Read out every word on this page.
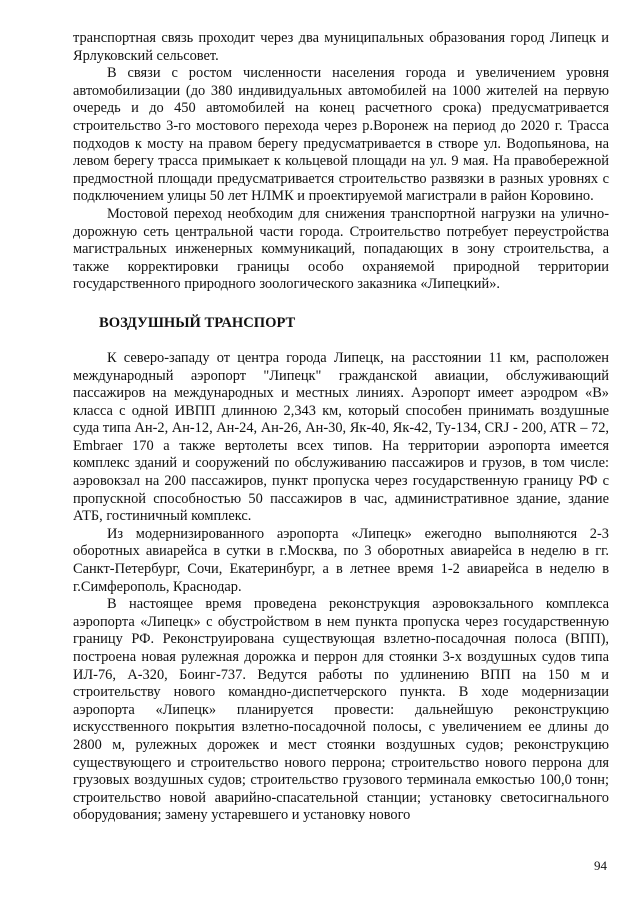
транспортная связь проходит через два муниципальных образования город Липецк и Ярлуковский сельсовет.

В связи с ростом численности населения города и увеличением уровня автомобилизации (до 380 индивидуальных автомобилей на 1000 жителей на первую очередь и до 450 автомобилей на конец расчетного срока) предусматривается строительство 3-го мостового перехода через р.Воронеж на период до 2020 г. Трасса подходов к мосту на правом берегу предусматривается в створе ул. Водопьянова, на левом берегу трасса примыкает к кольцевой площади на ул. 9 мая. На правобережной предмостной площади предусматривается строительство развязки в разных уровнях с подключением улицы 50 лет НЛМК и проектируемой магистрали в район Коровино.

Мостовой переход необходим для снижения транспортной нагрузки на улично-дорожную сеть центральной части города. Строительство потребует переустройства магистральных инженерных коммуникаций, попадающих в зону строительства, а также корректировки границы особо охраняемой природной территории государственного природного зоологического заказника «Липецкий».

ВОЗДУШНЫЙ ТРАНСПОРТ

К северо-западу от центра города Липецк, на расстоянии 11 км, расположен международный аэропорт "Липецк" гражданской авиации, обслуживающий пассажиров на международных и местных линиях. Аэропорт имеет аэродром «В» класса с одной ИВПП длинною 2,343 км, который способен принимать воздушные суда типа Ан-2, Ан-12, Ан-24, Ан-26, Ан-30, Як-40, Як-42, Ту-134, CRJ - 200, ATR – 72, Embraer 170 а также вертолеты всех типов. На территории аэропорта имеется комплекс зданий и сооружений по обслуживанию пассажиров и грузов, в том числе: аэровокзал на 200 пассажиров, пункт пропуска через государственную границу РФ с пропускной способностью 50 пассажиров в час, административное здание, здание АТБ, гостиничный комплекс.

Из модернизированного аэропорта «Липецк» ежегодно выполняются 2-3 оборотных авиарейса в сутки в г.Москва, по 3 оборотных авиарейса в неделю в гг. Санкт-Петербург, Сочи, Екатеринбург, а в летнее время 1-2 авиарейса в неделю в г.Симферополь, Краснодар.

В настоящее время проведена реконструкция аэровокзального комплекса аэропорта «Липецк» с обустройством в нем пункта пропуска через государственную границу РФ. Реконструирована существующая взлетно-посадочная полоса (ВПП), построена новая рулежная дорожка и перрон для стоянки 3-х воздушных судов типа ИЛ-76, А-320, Боинг-737. Ведутся работы по удлинению ВПП на 150 м и строительству нового командно-диспетчерского пункта. В ходе модернизации аэропорта «Липецк» планируется провести: дальнейшую реконструкцию искусственного покрытия взлетно-посадочной полосы, с увеличением ее длины до 2800 м, рулежных дорожек и мест стоянки воздушных судов; реконструкцию существующего и строительство нового перрона; строительство нового перрона для грузовых воздушных судов; строительство грузового терминала емкостью 100,0 тонн; строительство новой аварийно-спасательной станции; установку светосигнального оборудования; замену устаревшего и установку нового

94
